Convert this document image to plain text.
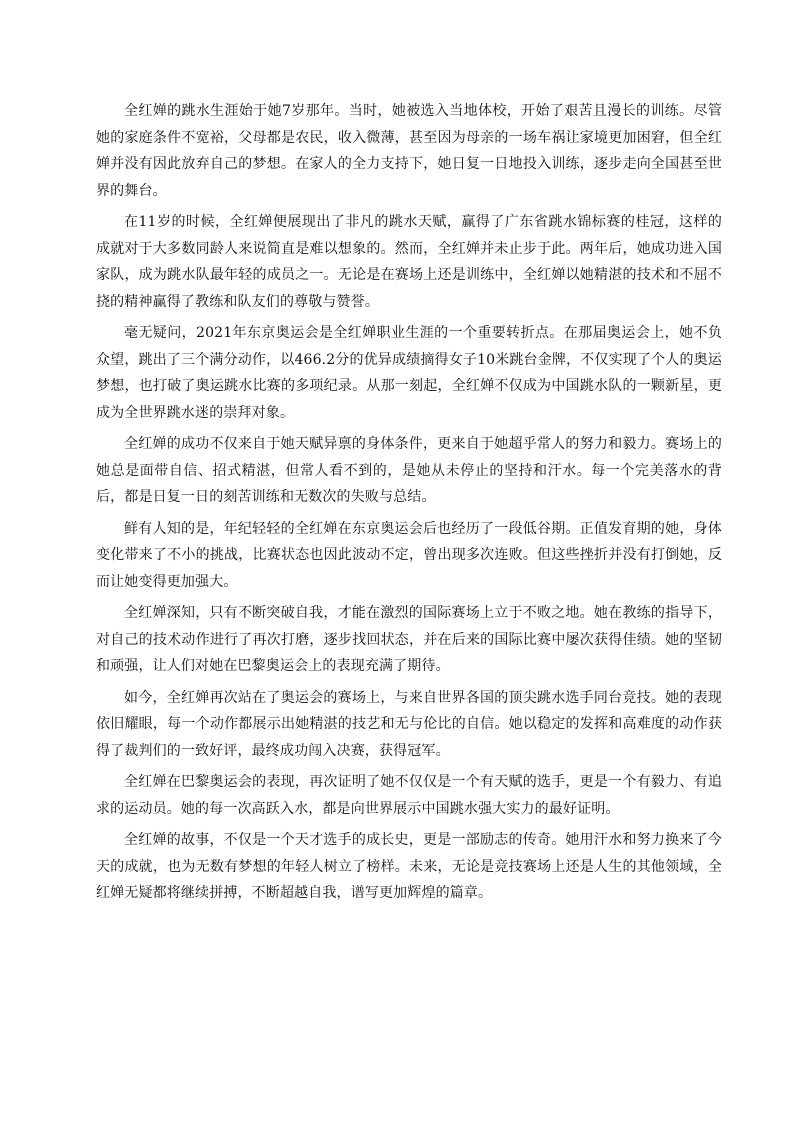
全红婵的跳水生涯始于她7岁那年。当时，她被选入当地体校，开始了艰苦且漫长的训练。尽管她的家庭条件不宽裕，父母都是农民，收入微薄，甚至因为母亲的一场车祸让家境更加困窘，但全红婵并没有因此放弃自己的梦想。在家人的全力支持下，她日复一日地投入训练，逐步走向全国甚至世界的舞台。

在11岁的时候，全红婵便展现出了非凡的跳水天赋，赢得了广东省跳水锦标赛的桂冠，这样的成就对于大多数同龄人来说简直是难以想象的。然而，全红婵并未止步于此。两年后，她成功进入国家队，成为跳水队最年轻的成员之一。无论是在赛场上还是训练中，全红婵以她精湛的技术和不屈不挠的精神赢得了教练和队友们的尊敬与赞誉。

毫无疑问，2021年东京奥运会是全红婵职业生涯的一个重要转折点。在那届奥运会上，她不负众望，跳出了三个满分动作，以466.2分的优异成绩摘得女子10米跳台金牌，不仅实现了个人的奥运梦想，也打破了奥运跳水比赛的多项纪录。从那一刻起，全红婵不仅成为中国跳水队的一颗新星，更成为全世界跳水迷的崇拜对象。

全红婵的成功不仅来自于她天赋异禀的身体条件，更来自于她超乎常人的努力和毅力。赛场上的她总是面带自信、招式精湛，但常人看不到的，是她从未停止的坚持和汗水。每一个完美落水的背后，都是日复一日的刻苦训练和无数次的失败与总结。

鲜有人知的是，年纪轻轻的全红婵在东京奥运会后也经历了一段低谷期。正值发育期的她，身体变化带来了不小的挑战，比赛状态也因此波动不定，曾出现多次连败。但这些挫折并没有打倒她，反而让她变得更加强大。

全红婵深知，只有不断突破自我，才能在激烈的国际赛场上立于不败之地。她在教练的指导下，对自己的技术动作进行了再次打磨，逐步找回状态，并在后来的国际比赛中屡次获得佳绩。她的坚韧和顽强，让人们对她在巴黎奥运会上的表现充满了期待。

如今，全红婵再次站在了奥运会的赛场上，与来自世界各国的顶尖跳水选手同台竞技。她的表现依旧耀眼，每一个动作都展示出她精湛的技艺和无与伦比的自信。她以稳定的发挥和高难度的动作获得了裁判们的一致好评，最终成功闯入决赛，获得冠军。

全红婵在巴黎奥运会的表现，再次证明了她不仅仅是一个有天赋的选手，更是一个有毅力、有追求的运动员。她的每一次高跃入水，都是向世界展示中国跳水强大实力的最好证明。

全红婵的故事，不仅是一个天才选手的成长史，更是一部励志的传奇。她用汗水和努力换来了今天的成就，也为无数有梦想的年轻人树立了榜样。未来，无论是竞技赛场上还是人生的其他领域，全红婵无疑都将继续拼搏，不断超越自我，谱写更加辉煌的篇章。
